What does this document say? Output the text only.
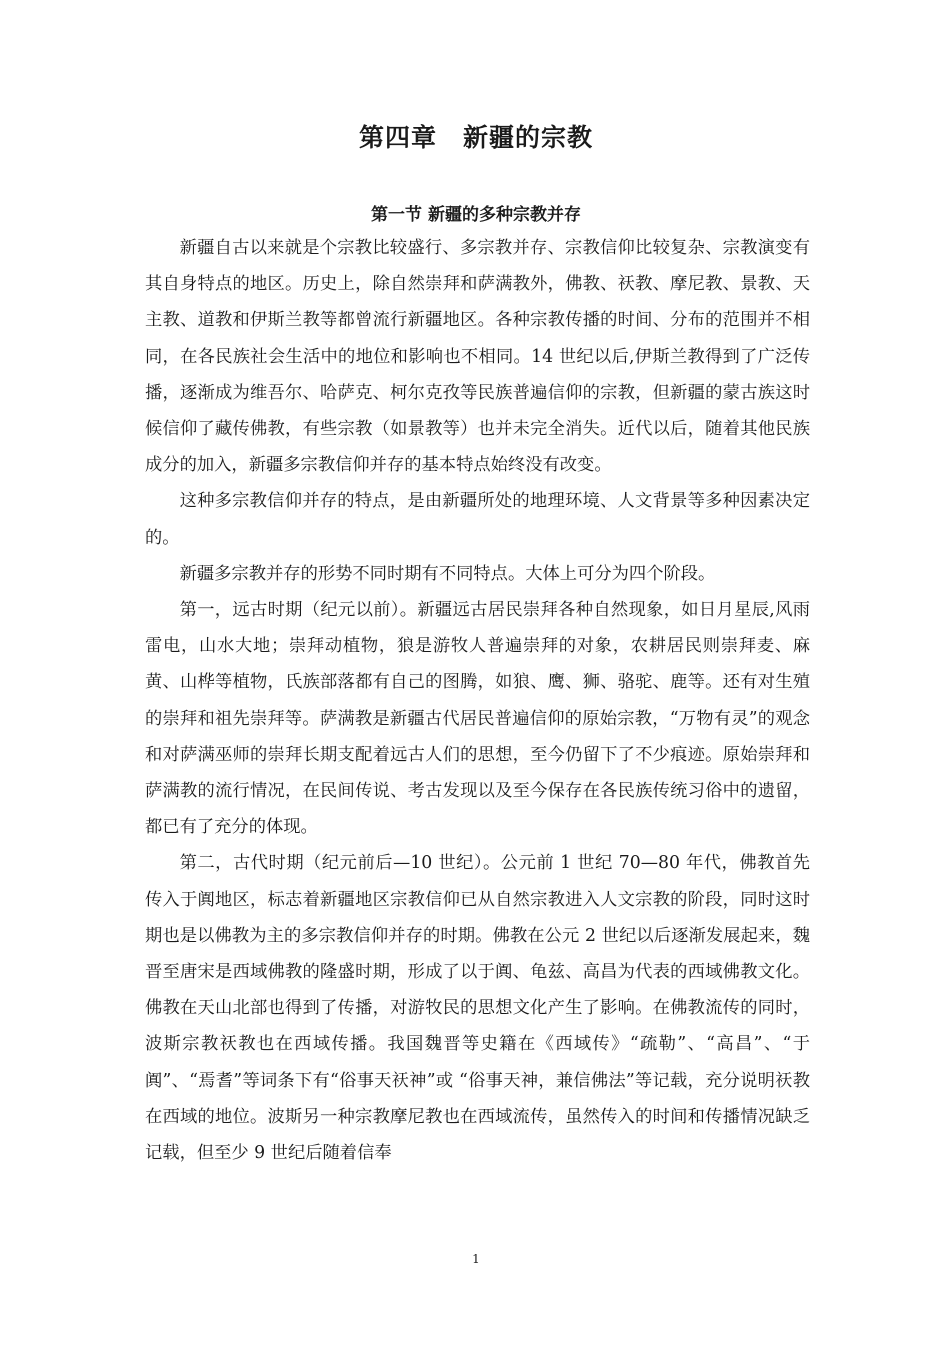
第四章　新疆的宗教
第一节 新疆的多种宗教并存

新疆自古以来就是个宗教比较盛行、多宗教并存、宗教信仰比较复杂、宗教演变有其自身特点的地区。历史上，除自然崇拜和萨满教外，佛教、祆教、摩尼教、景教、天主教、道教和伊斯兰教等都曾流行新疆地区。各种宗教传播的时间、分布的范围并不相同，在各民族社会生活中的地位和影响也不相同。14 世纪以后,伊斯兰教得到了广泛传播，逐渐成为维吾尔、哈萨克、柯尔克孜等民族普遍信仰的宗教，但新疆的蒙古族这时候信仰了藏传佛教，有些宗教（如景教等）也并未完全消失。近代以后，随着其他民族成分的加入，新疆多宗教信仰并存的基本特点始终没有改变。

这种多宗教信仰并存的特点，是由新疆所处的地理环境、人文背景等多种因素决定的。

新疆多宗教并存的形势不同时期有不同特点。大体上可分为四个阶段。

第一，远古时期（纪元以前）。新疆远古居民崇拜各种自然现象，如日月星辰,风雨雷电，山水大地；崇拜动植物，狼是游牧人普遍崇拜的对象，农耕居民则崇拜麦、麻黄、山桦等植物，氏族部落都有自己的图腾，如狼、鹰、狮、骆驼、鹿等。还有对生殖的崇拜和祖先崇拜等。萨满教是新疆古代居民普遍信仰的原始宗教，“万物有灵”的观念和对萨满巫师的崇拜长期支配着远古人们的思想，至今仍留下了不少痕迹。原始崇拜和萨满教的流行情况，在民间传说、考古发现以及至今保存在各民族传统习俗中的遗留，都已有了充分的体现。

第二，古代时期（纪元前后—10 世纪）。公元前 1 世纪 70—80 年代，佛教首先传入于阗地区，标志着新疆地区宗教信仰已从自然宗教进入人文宗教的阶段，同时这时期也是以佛教为主的多宗教信仰并存的时期。佛教在公元 2 世纪以后逐渐发展起来，魏晋至唐宋是西域佛教的隆盛时期，形成了以于阗、龟兹、高昌为代表的西域佛教文化。佛教在天山北部也得到了传播，对游牧民的思想文化产生了影响。在佛教流传的同时，波斯宗教祆教也在西域传播。我国魏晋等史籍在《西域传》“疏勒”、“高昌”、“于阗”、“焉耆”等词条下有“俗事天祆神”或 “俗事天神，兼信佛法”等记载，充分说明祆教在西域的地位。波斯另一种宗教摩尼教也在西域流传，虽然传入的时间和传播情况缺乏记载，但至少 9 世纪后随着信奉

1
